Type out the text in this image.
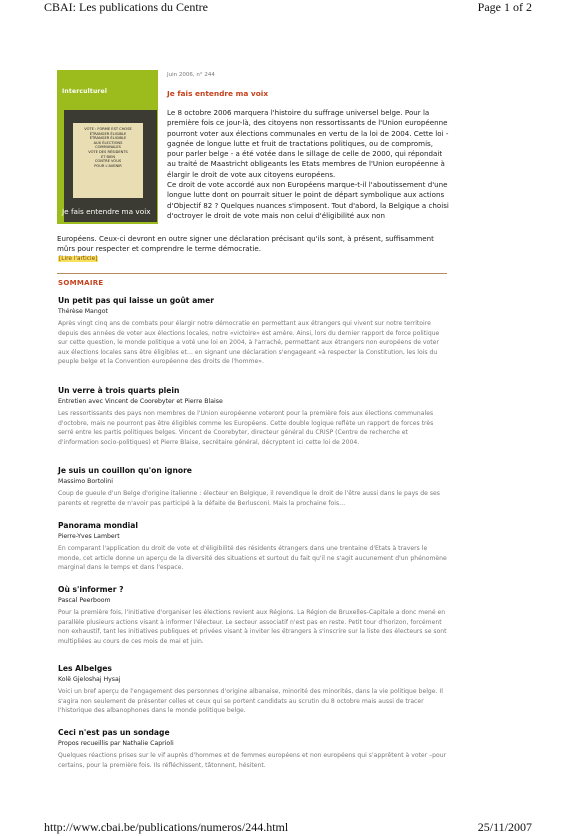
CBAI: Les publications du Centre	Page 1 of 2
Interculturel
VOTE : FORME EST CHOSE
ÉTRANGER ÉLIGIBLE
ÉTRANGER ÉLIGIBLE
AUX ÉLECTIONS
COMMUNALES
VOTE DES RÉSIDENTS
ET BIEN
CONTRE VOUS
POUR L'AVENIR
Je fais entendre ma voix
Juin 2006, n° 244
Je fais entendre ma voix

Le 8 octobre 2006 marquera l'histoire du suffrage universel belge. Pour la première fois ce jour-là, des citoyens non ressortissants de l'Union européenne pourront voter aux élections communales en vertu de la loi de 2004. Cette loi - gagnée de longue lutte et fruit de tractations politiques, ou de compromis, pour parler belge - a été votée dans le sillage de celle de 2000, qui répondait au traité de Maastricht obligeants les Etats membres de l'Union européenne à élargir le droit de vote aux citoyens européens.

Ce droit de vote accordé aux non Européens marque-t-il l'aboutissement d'une longue lutte dont on pourrait situer le point de départ symbolique aux actions d'Objectif 82 ? Quelques nuances s'imposent. Tout d'abord, la Belgique a choisi d'octroyer le droit de vote mais non celui d'éligibilité aux non

Européens. Ceux-ci devront en outre signer une déclaration précisant qu'ils sont, à présent, suffisamment mûrs pour respecter et comprendre le terme démocratie.

[Lire l'article]
SOMMAIRE
Un petit pas qui laisse un goût amer
Thérèse Mangot
Après vingt cinq ans de combats pour élargir notre démocratie en permettant aux étrangers qui vivent sur notre territoire depuis des années de voter aux élections locales, notre «victoire» est amère. Ainsi, lors du dernier rapport de force politique sur cette question, le monde politique a voté une loi en 2004, à l'arraché, permettant aux étrangers non européens de voter aux élections locales sans être éligibles et… en signant une déclaration s'engageant «à respecter la Constitution, les lois du peuple belge et la Convention européenne des droits de l'homme».
Un verre à trois quarts plein
Entretien avec Vincent de Coorebyter et Pierre Blaise
Les ressortissants des pays non membres de l'Union européenne voteront pour la première fois aux élections communales d'octobre, mais ne pourront pas être éligibles comme les Européens. Cette double logique reflète un rapport de forces très serré entre les partis politiques belges. Vincent de Coorebyter, directeur général du CRISP (Centre de recherche et d'information socio-politiques) et Pierre Blaise, secrétaire général, décryptent ici cette loi de 2004.
Je suis un couillon qu'on ignore
Massimo Bortolini
Coup de gueule d'un Belge d'origine italienne : électeur en Belgique, il revendique le droit de l'être aussi dans le pays de ses parents et regrette de n'avoir pas participé à la défaite de Berlusconi. Mais la prochaine fois…
Panorama mondial
Pierre-Yves Lambert
En comparant l'application du droit de vote et d'éligibilité des résidents étrangers dans une trentaine d'Etats à travers le monde, cet article donne un aperçu de la diversité des situations et surtout du fait qu'il ne s'agit aucunement d'un phénomène marginal dans le temps et dans l'espace.
Où s'informer ?
Pascal Peerboom
Pour la première fois, l'initiative d'organiser les élections revient aux Régions. La Région de Bruxelles-Capitale a donc mené en parallèle plusieurs actions visant à informer l'électeur. Le secteur associatif n'est pas en reste. Petit tour d'horizon, forcément non exhaustif, tant les initiatives publiques et privées visant à inviter les étrangers à s'inscrire sur la liste des électeurs se sont multipliées au cours de ces mois de mai et juin.
Les Albelges
Kolë Gjeloshaj Hysaj
Voici un bref aperçu de l'engagement des personnes d'origine albanaise, minorité des minorités, dans la vie politique belge. Il s'agira non seulement de présenter celles et ceux qui se portent candidats au scrutin du 8 octobre mais aussi de tracer l'historique des albanophones dans le monde politique belge.
Ceci n'est pas un sondage
Propos recueillis par Nathalie Caprioli
Quelques réactions prises sur le vif auprès d'hommes et de femmes européens et non européens qui s'apprêtent à voter –pour certains, pour la première fois. Ils réfléchissent, tâtonnent, hésitent.
http://www.cbai.be/publications/numeros/244.html	25/11/2007
